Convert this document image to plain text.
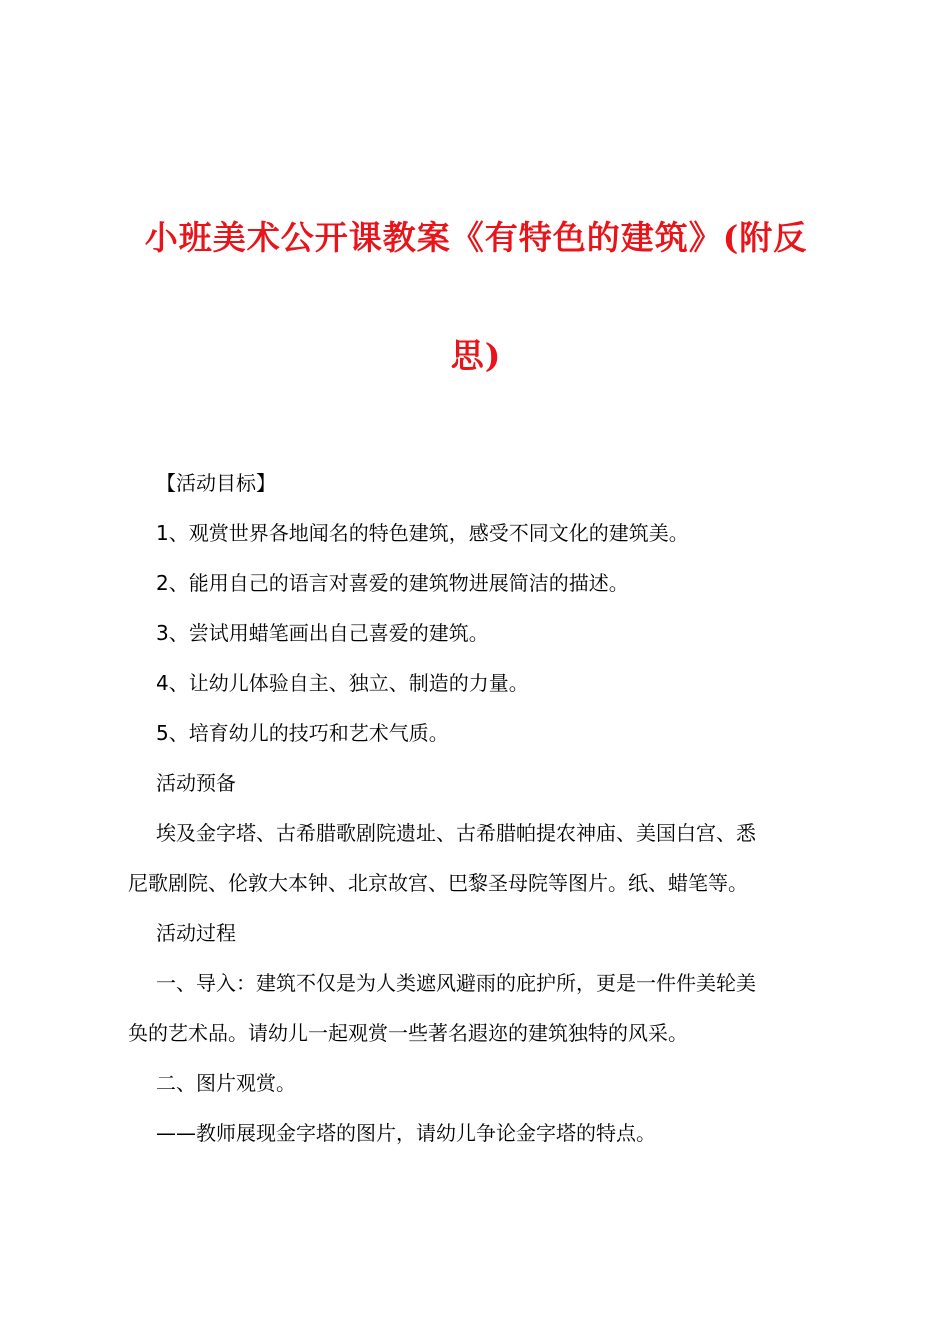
小班美术公开课教案《有特色的建筑》(附反
思)
【活动目标】
1、观赏世界各地闻名的特色建筑，感受不同文化的建筑美。
2、能用自己的语言对喜爱的建筑物进展简洁的描述。
3、尝试用蜡笔画出自己喜爱的建筑。
4、让幼儿体验自主、独立、制造的力量。
5、培育幼儿的技巧和艺术气质。
活动预备
埃及金字塔、古希腊歌剧院遗址、古希腊帕提农神庙、美国白宫、悉
尼歌剧院、伦敦大本钟、北京故宫、巴黎圣母院等图片。纸、蜡笔等。
活动过程
一、导入：建筑不仅是为人类遮风避雨的庇护所，更是一件件美轮美
奂的艺术品。请幼儿一起观赏一些著名遐迩的建筑独特的风采。
二、图片观赏。
——教师展现金字塔的图片，请幼儿争论金字塔的特点。
